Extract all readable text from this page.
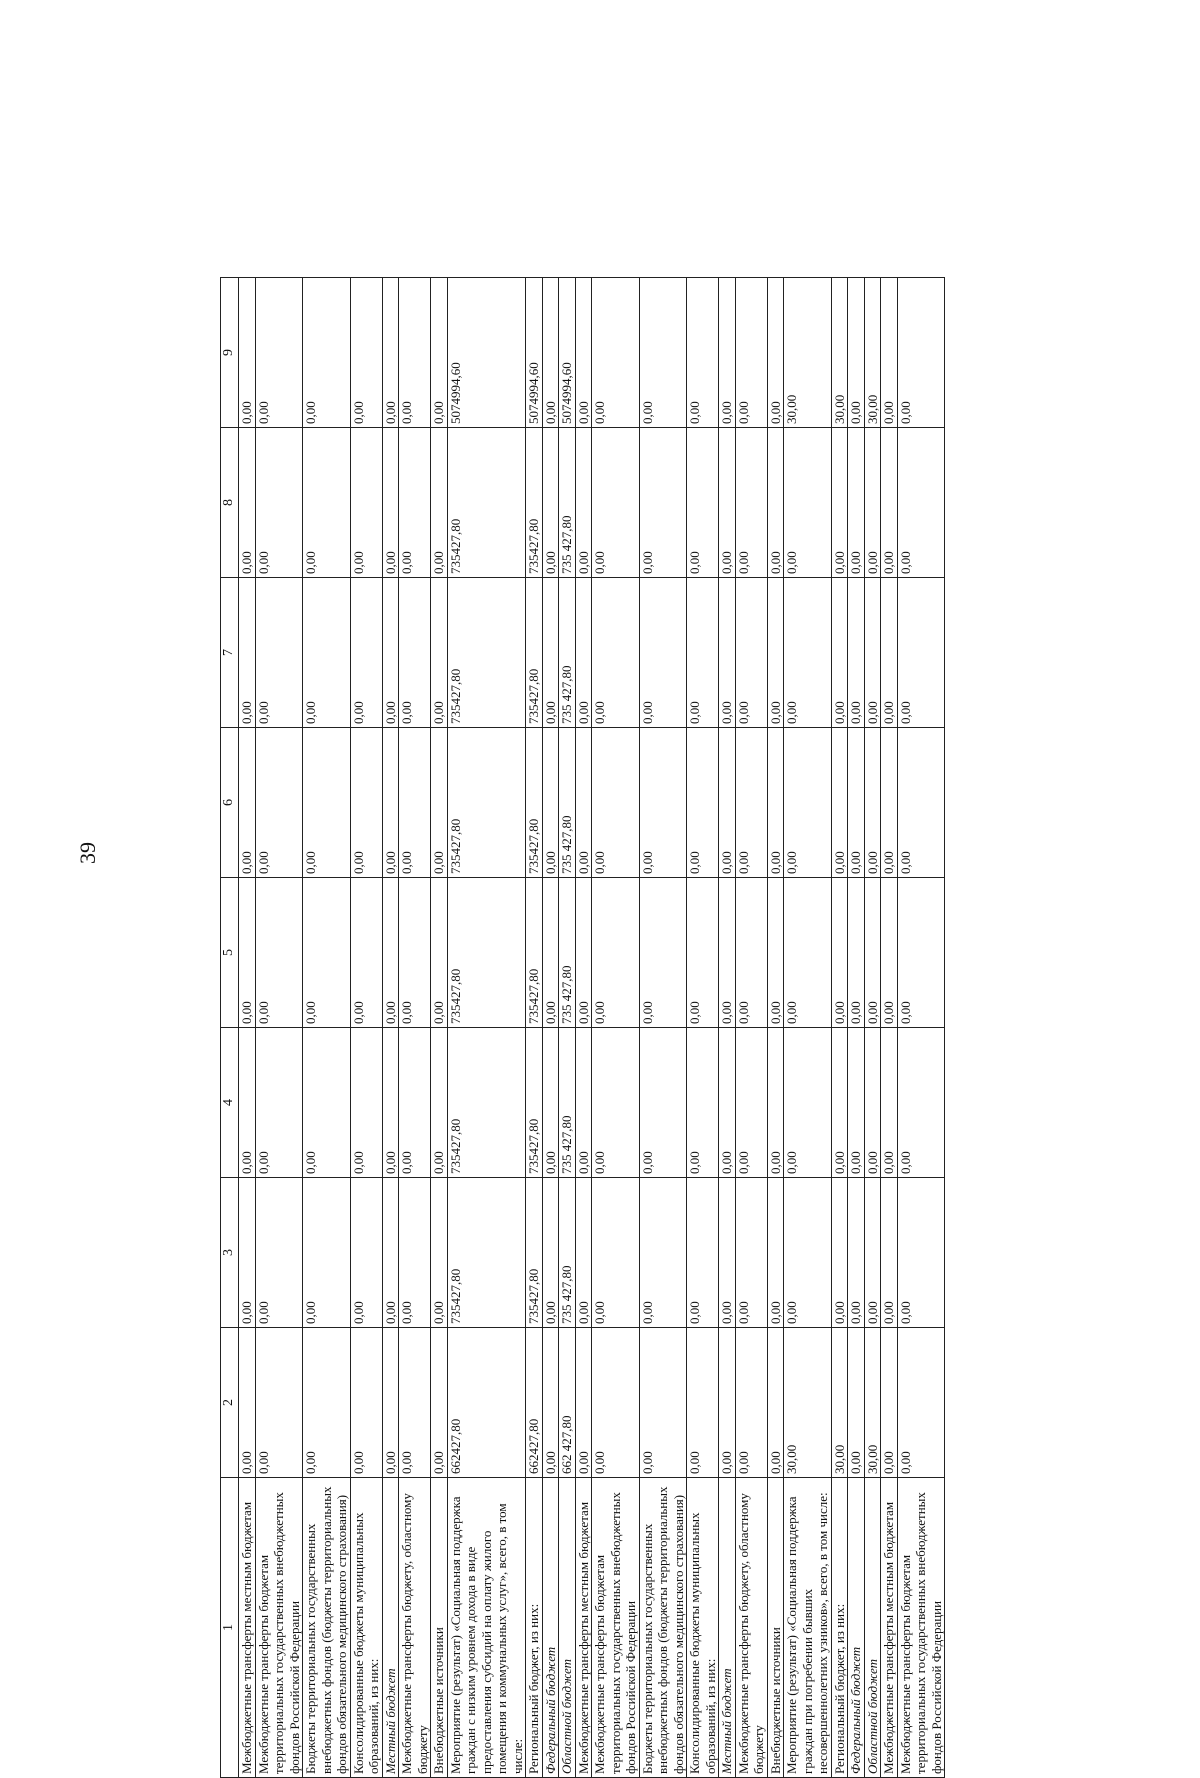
39
1	2	3	4	5	6	7	8	9
Межбюджетные трансферты местным бюджетам	0,00	0,00	0,00	0,00	0,00	0,00	0,00	0,00
Межбюджетные трансферты бюджетам территориальных государственных внебюджетных фондов Российской Федерации	0,00	0,00	0,00	0,00	0,00	0,00	0,00	0,00
Бюджеты территориальных государственных внебюджетных фондов (бюджеты территориальных фондов обязательного медицинского страхования)	0,00	0,00	0,00	0,00	0,00	0,00	0,00	0,00
Консолидированные бюджеты муниципальных образований, из них:	0,00	0,00	0,00	0,00	0,00	0,00	0,00	0,00
Местный бюджет	0,00	0,00	0,00	0,00	0,00	0,00	0,00	0,00
Межбюджетные трансферты бюджету, областному бюджету	0,00	0,00	0,00	0,00	0,00	0,00	0,00	0,00
Внебюджетные источники	0,00	0,00	0,00	0,00	0,00	0,00	0,00	0,00
Мероприятие (результат) «Социальная поддержка граждан с низким уровнем дохода в виде предоставления субсидий на оплату жилого помещения и коммунальных услуг», всего, в том числе:	662427,80	735427,80	735427,80	735427,80	735427,80	735427,80	735427,80	5074994,60
Региональный бюджет, из них:	662427,80	735427,80	735427,80	735427,80	735427,80	735427,80	735427,80	5074994,60
Федеральный бюджет	0,00	0,00	0,00	0,00	0,00	0,00	0,00	0,00
Областной бюджет	662 427,80	735 427,80	735 427,80	735 427,80	735 427,80	735 427,80	735 427,80	5074994,60
Межбюджетные трансферты местным бюджетам	0,00	0,00	0,00	0,00	0,00	0,00	0,00	0,00
Межбюджетные трансферты бюджетам территориальных государственных внебюджетных фондов Российской Федерации	0,00	0,00	0,00	0,00	0,00	0,00	0,00	0,00
Бюджеты территориальных государственных внебюджетных фондов (бюджеты территориальных фондов обязательного медицинского страхования)	0,00	0,00	0,00	0,00	0,00	0,00	0,00	0,00
Консолидированные бюджеты муниципальных образований, из них:	0,00	0,00	0,00	0,00	0,00	0,00	0,00	0,00
Местный бюджет	0,00	0,00	0,00	0,00	0,00	0,00	0,00	0,00
Межбюджетные трансферты бюджету, областному бюджету	0,00	0,00	0,00	0,00	0,00	0,00	0,00	0,00
Внебюджетные источники	0,00	0,00	0,00	0,00	0,00	0,00	0,00	0,00
Мероприятие (результат) «Социальная поддержка граждан при погребении бывших несовершеннолетних узников», всего, в том числе:	30,00	0,00	0,00	0,00	0,00	0,00	0,00	30,00
Региональный бюджет, из них:	30,00	0,00	0,00	0,00	0,00	0,00	0,00	30,00
Федеральный бюджет	0,00	0,00	0,00	0,00	0,00	0,00	0,00	0,00
Областной бюджет	30,00	0,00	0,00	0,00	0,00	0,00	0,00	30,00
Межбюджетные трансферты местным бюджетам	0,00	0,00	0,00	0,00	0,00	0,00	0,00	0,00
Межбюджетные трансферты бюджетам территориальных государственных внебюджетных фондов Российской Федерации	0,00	0,00	0,00	0,00	0,00	0,00	0,00	0,00
